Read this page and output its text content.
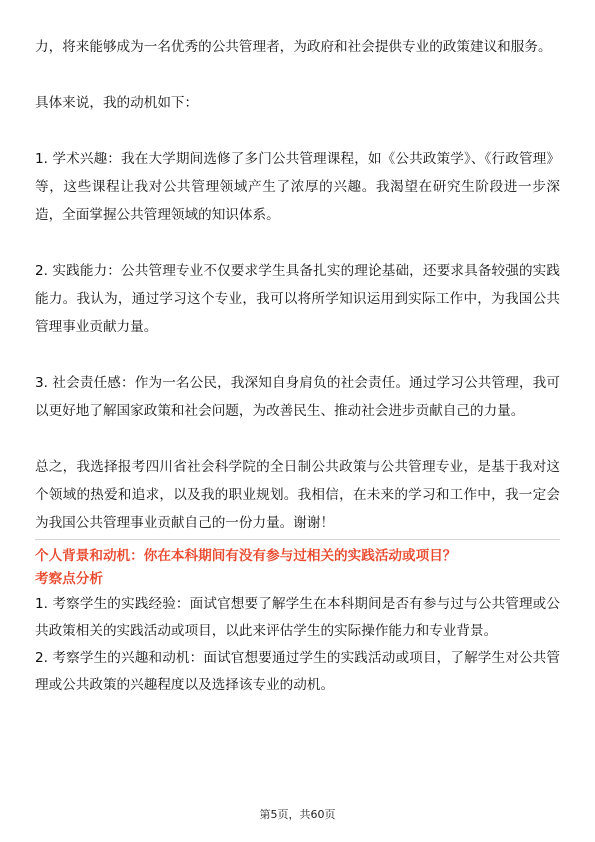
力，将来能够成为一名优秀的公共管理者，为政府和社会提供专业的政策建议和服务。

具体来说，我的动机如下：

1. 学术兴趣：我在大学期间选修了多门公共管理课程，如《公共政策学》、《行政管理》等，这些课程让我对公共管理领域产生了浓厚的兴趣。我渴望在研究生阶段进一步深造，全面掌握公共管理领域的知识体系。

2. 实践能力：公共管理专业不仅要求学生具备扎实的理论基础，还要求具备较强的实践能力。我认为，通过学习这个专业，我可以将所学知识运用到实际工作中，为我国公共管理事业贡献力量。

3. 社会责任感：作为一名公民，我深知自身肩负的社会责任。通过学习公共管理，我可以更好地了解国家政策和社会问题，为改善民生、推动社会进步贡献自己的力量。

总之，我选择报考四川省社会科学院的全日制公共政策与公共管理专业，是基于我对这个领域的热爱和追求，以及我的职业规划。我相信，在未来的学习和工作中，我一定会为我国公共管理事业贡献自己的一份力量。谢谢！

个人背景和动机：你在本科期间有没有参与过相关的实践活动或项目？
考察点分析

1. 考察学生的实践经验：面试官想要了解学生在本科期间是否有参与过与公共管理或公共政策相关的实践活动或项目，以此来评估学生的实际操作能力和专业背景。

2. 考察学生的兴趣和动机：面试官想要通过学生的实践活动或项目，了解学生对公共管理或公共政策的兴趣程度以及选择该专业的动机。

第5页，共60页
